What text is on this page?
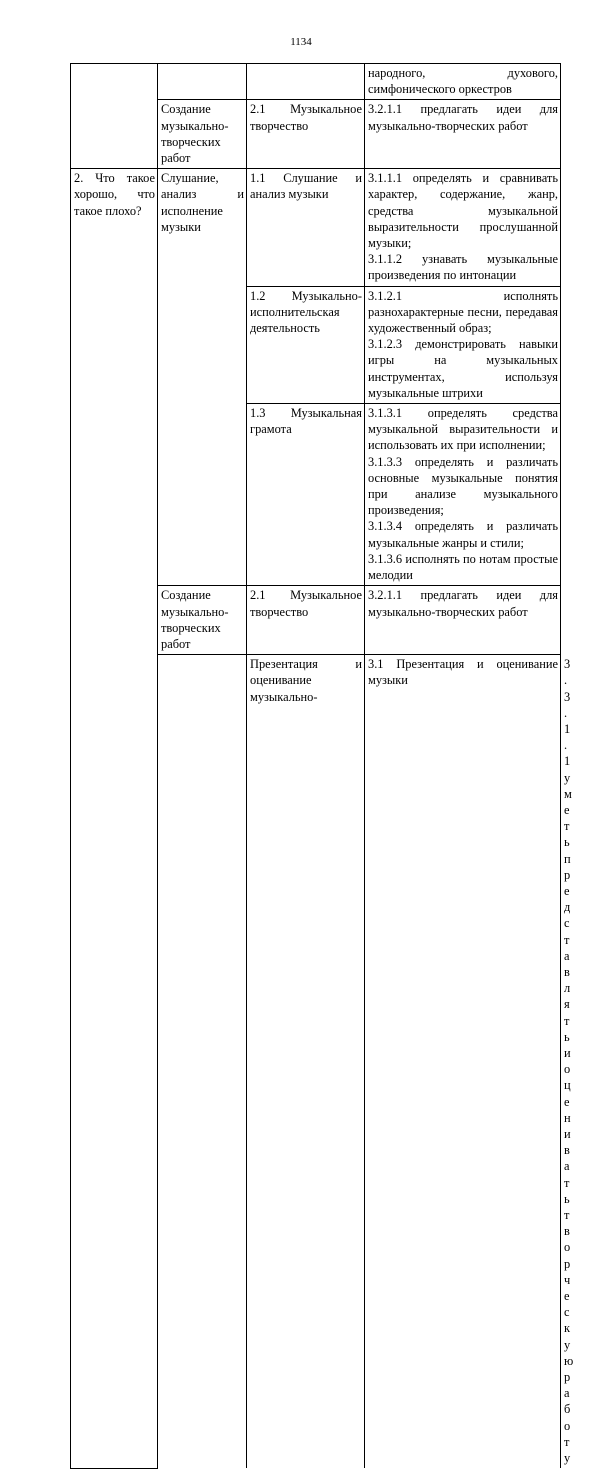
1134

			народного, духового, симфонического оркестров	

	Создание музыкально-творческих работ	2.1 Музыкальное творчество	3.2.1.1 предлагать идеи для музыкально-творческих работ	

2. Что такое хорошо, что такое плохо?	Слушание, анализ и исполнение музыки	1.1 Слушание и анализ музыки	3.1.1.1 определять и сравнивать характер, содержание, жанр, средства музыкальной выразительности прослушанной музыки;
3.1.1.2 узнавать музыкальные произведения по интонации	

		1.2 Музыкально-исполнительская деятельность	3.1.2.1 исполнять разнохарактерные песни, передавая художественный образ;
3.1.2.3 демонстрировать навыки игры на музыкальных инструментах, используя музыкальные штрихи	

		1.3 Музыкальная грамота	3.1.3.1 определять средства музыкальной выразительности и использовать их при исполнении;
3.1.3.3 определять и различать основные музыкальные понятия при анализе музыкального произведения;
3.1.3.4 определять и различать музыкальные жанры и стили;
3.1.3.6 исполнять по нотам простые мелодии	

	Создание музыкально-творческих работ	2.1 Музыкальное творчество	3.2.1.1 предлагать идеи для музыкально-творческих работ	

		Презентация и оценивание музыкально-	3.1 Презентация и оценивание музыки	3.3.1.1 уметь представлять и оценивать творческую работу
